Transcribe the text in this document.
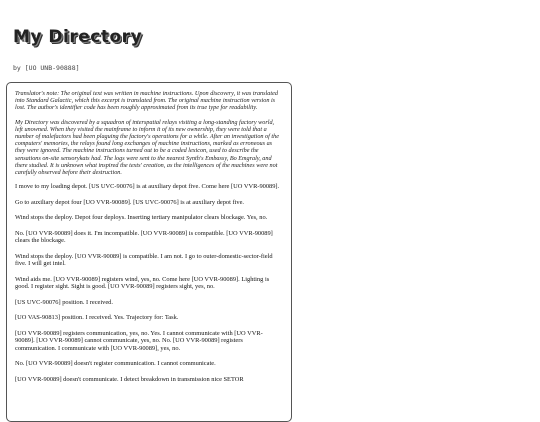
My Directory
by [UO UNB-90888]

Translator's note: The original text was written in machine instructions. Upon discovery, it was translated into Standard Galactic, which this excerpt is translated from. The original machine instruction version is lost. The author's identifier code has been roughly approximated from its true type for readability.

My Directory was discovered by a squadron of interspatial relays visiting a long-standing factory world, left unowned. When they visited the mainframe to inform it of its new ownership, they were told that a number of malefactors had been plaguing the factory's operations for a while. After an investigation of the computers' memories, the relays found long exchanges of machine instructions, marked as erroneous as they were ignored. The machine instructions turned out to be a coded lexicon, used to describe the sensations on-site sensorykats had. The logs were sent to the nearest Synth's Embassy, Bo Emgraly, and there studied. It is unknown what inspired the texts' creation, as the intelligences of the machines were not carefully observed before their destruction.

I move to my loading depot. [US UVC-90076] is at auxiliary depot five. Come here [UO VVR-90089].

Go to auxiliary depot four [UO VVR-90089]. [US UVC-90076] is at auxiliary depot five.

Wind stops the deploy. Depot four deploys. Inserting tertiary manipulator clears blockage. Yes, no.

No. [UO VVR-90089] does it. I'm incompatible. [UO VVR-90089] is compatible. [UO VVR-90089] clears the blockage.

Wind stops the deploy. [UO VVR-90089] is compatible. I am not. I go to outer-domestic-sector-field five. I will get intel.

Wind aids me. [UO VVR-90089] registers wind, yes, no. Come here [UO VVR-90089]. Lighting is good. I register sight. Sight is good. [UO VVR-90089] registers sight, yes, no.

[US UVC-90076] position. I received.

[UO VAS-90813] position. I received. Yes. Trajectory for: Task.

[UO VVR-90089] registers communication, yes, no. Yes. I cannot communicate with [UO VVR-90089]. [UO VVR-90089] cannot communicate, yes, no. No. [UO VVR-90089] registers communication. I communicate with [UO VVR-90089], yes, no.

No. [UO VVR-90089] doesn't register communication. I cannot communicate.

[UO VVR-90089] doesn't communicate. I detect breakdown in transmission nice SETOR
